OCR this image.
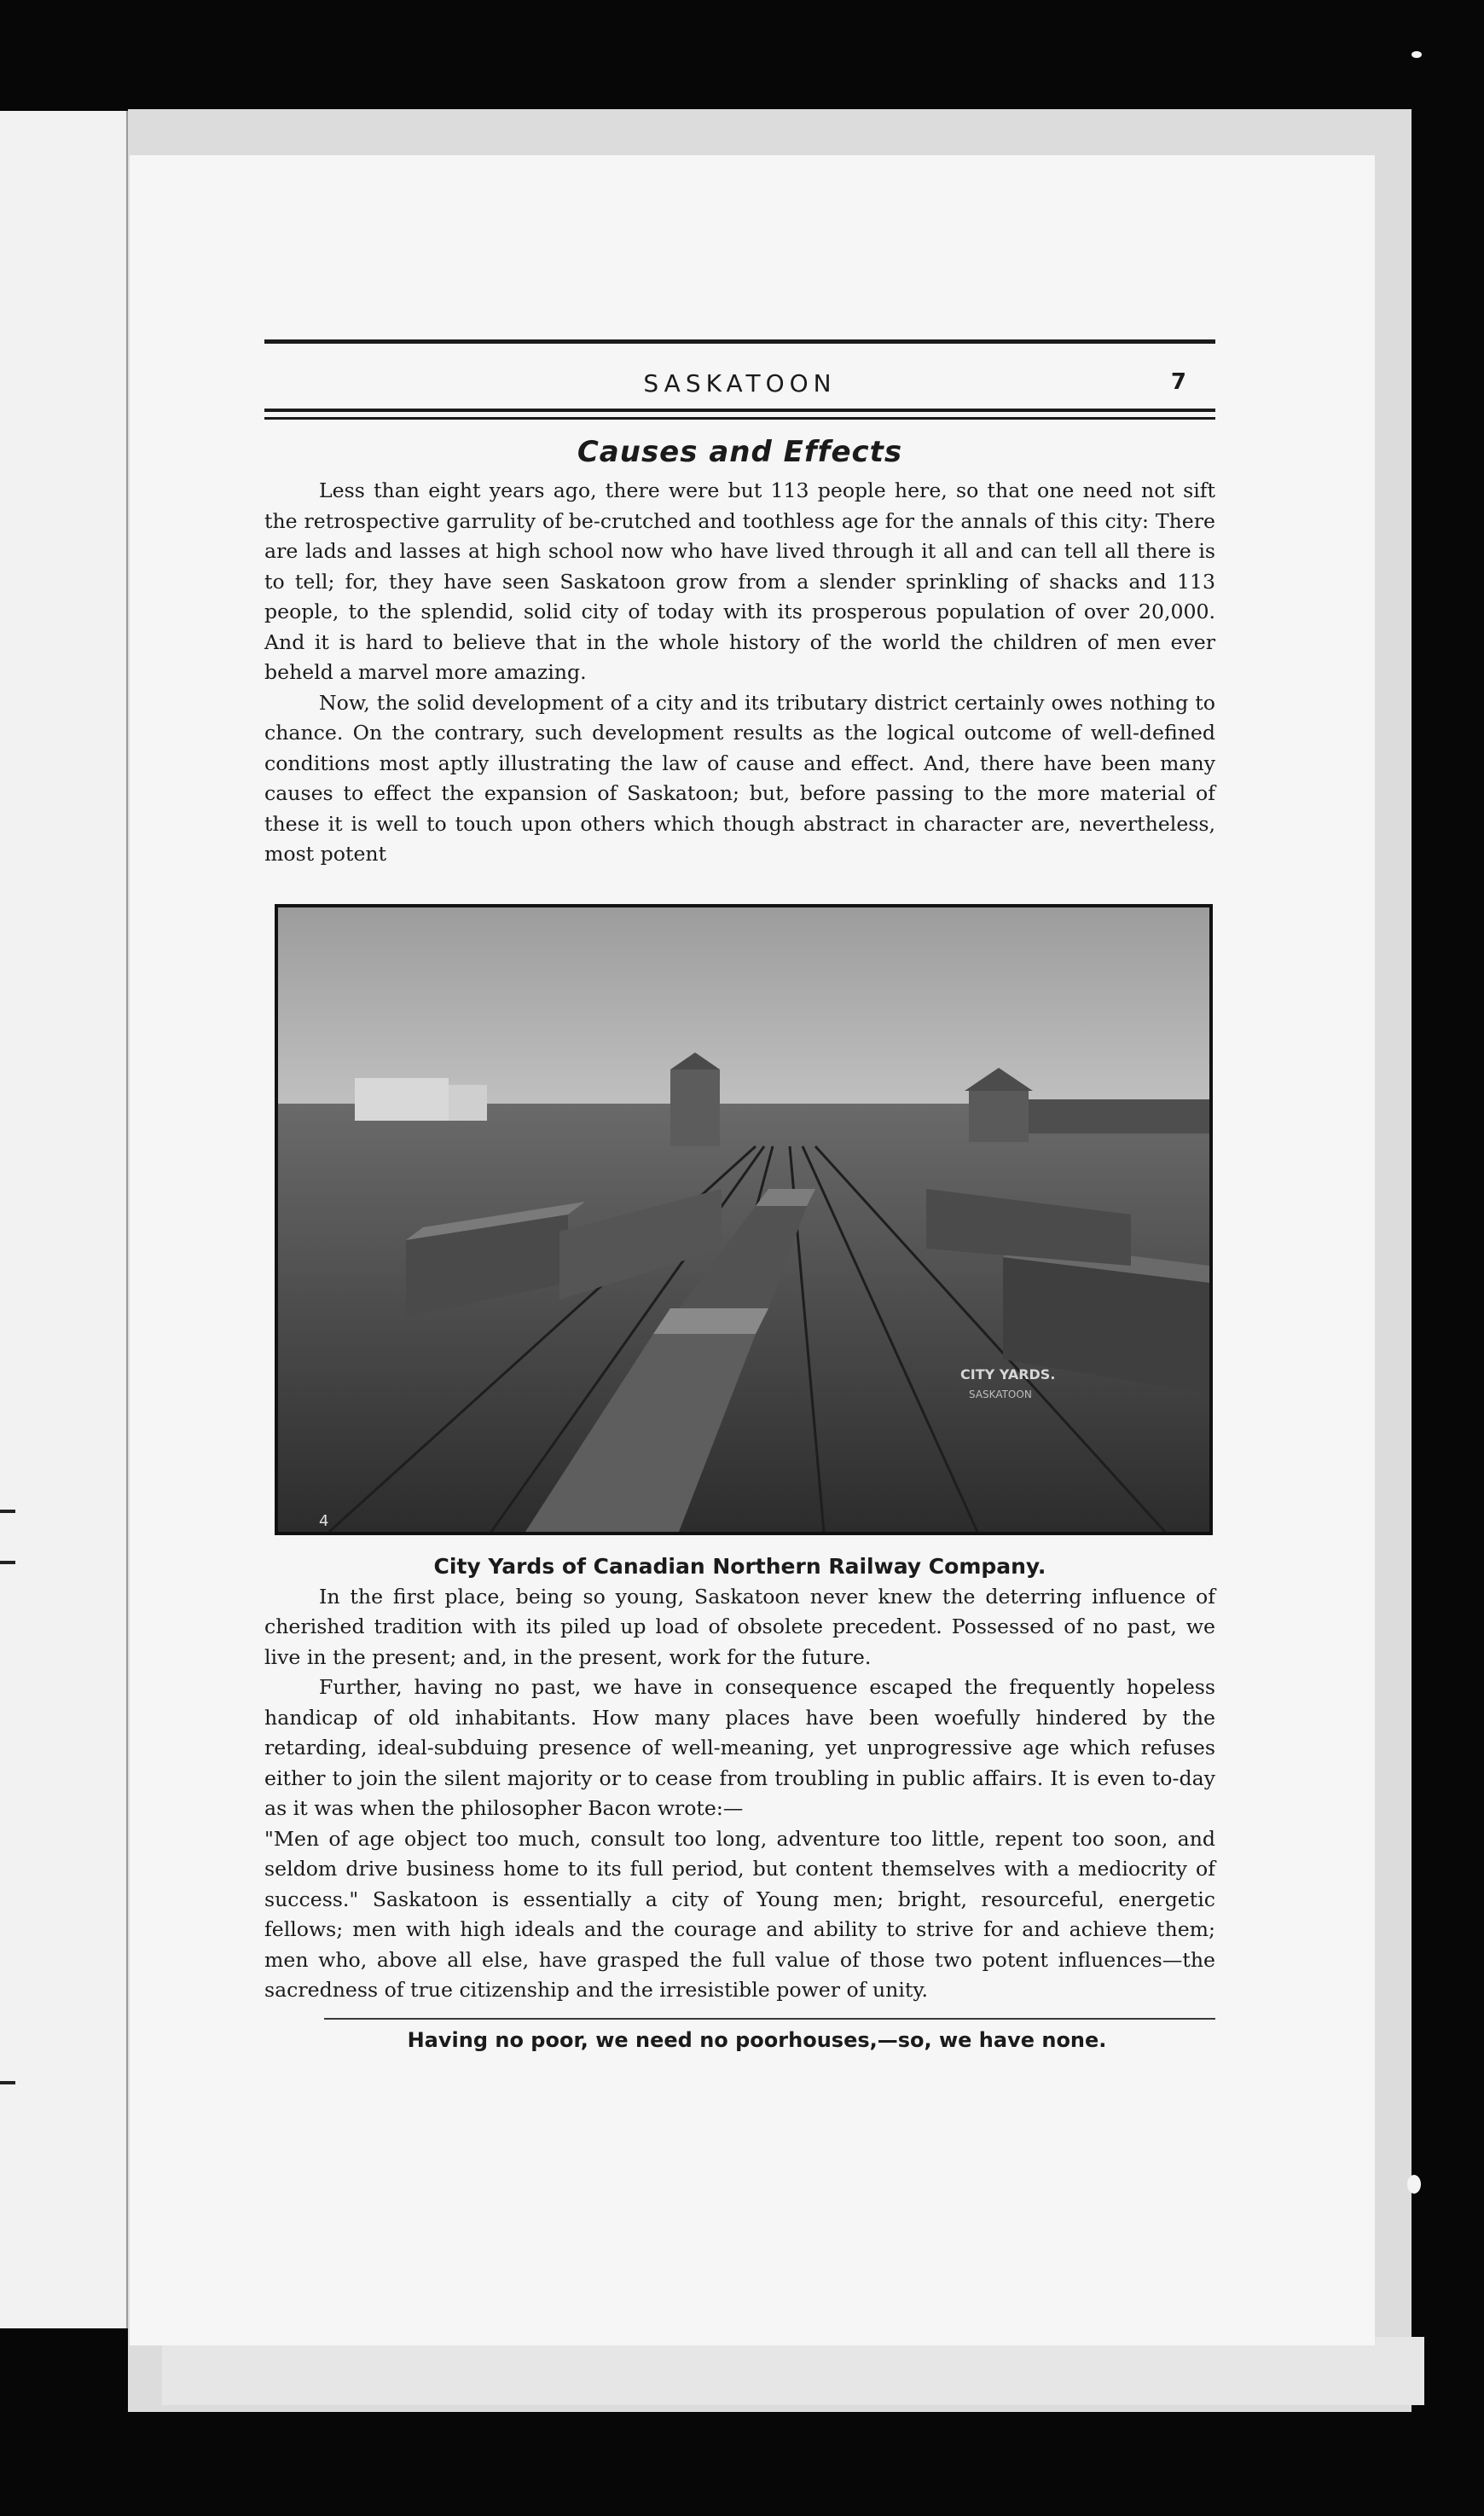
SASKATOON	7
Causes and Effects

Less than eight years ago, there were but 113 people here, so that one need not sift the retrospective garrulity of be-crutched and toothless age for the annals of this city: There are lads and lasses at high school now who have lived through it all and can tell all there is to tell; for, they have seen Saskatoon grow from a slender sprinkling of shacks and 113 people, to the splendid, solid city of today with its prosperous population of over 20,000. And it is hard to believe that in the whole history of the world the children of men ever beheld a marvel more amazing.

Now, the solid development of a city and its tributary district certainly owes nothing to chance. On the contrary, such development results as the logical outcome of well-defined conditions most aptly illustrating the law of cause and effect. And, there have been many causes to effect the expansion of Saskatoon; but, before passing to the more material of these it is well to touch upon others which though abstract in character are, nevertheless, most potent

CITY YARDS.
SASKATOON
4
City Yards of Canadian Northern Railway Company.

In the first place, being so young, Saskatoon never knew the deterring influence of cherished tradition with its piled up load of obsolete precedent. Possessed of no past, we live in the present; and, in the present, work for the future.

Further, having no past, we have in consequence escaped the frequently hopeless handicap of old inhabitants. How many places have been woefully hindered by the retarding, ideal-subduing presence of well-meaning, yet unprogressive age which refuses either to join the silent majority or to cease from troubling in public affairs. It is even to-day as it was when the philosopher Bacon wrote:—

"Men of age object too much, consult too long, adventure too little, repent too soon, and seldom drive business home to its full period, but content themselves with a mediocrity of success." Saskatoon is essentially a city of Young men; bright, resourceful, energetic fellows; men with high ideals and the courage and ability to strive for and achieve them; men who, above all else, have grasped the full value of those two potent influences—the sacredness of true citizenship and the irresistible power of unity.

Having no poor, we need no poorhouses,—so, we have none.
